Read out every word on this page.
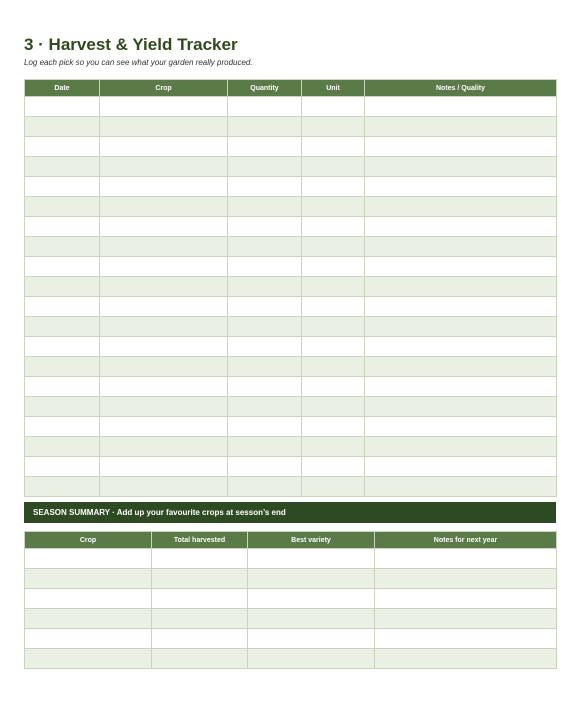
3 · Harvest & Yield Tracker
Log each pick so you can see what your garden really produced.
Date	Crop	Quantity	Unit	Notes / Quality

SEASON SUMMARY · Add up your favourite crops at sesson’s end
Crop	Total harvested	Best variety	Notes for next year
